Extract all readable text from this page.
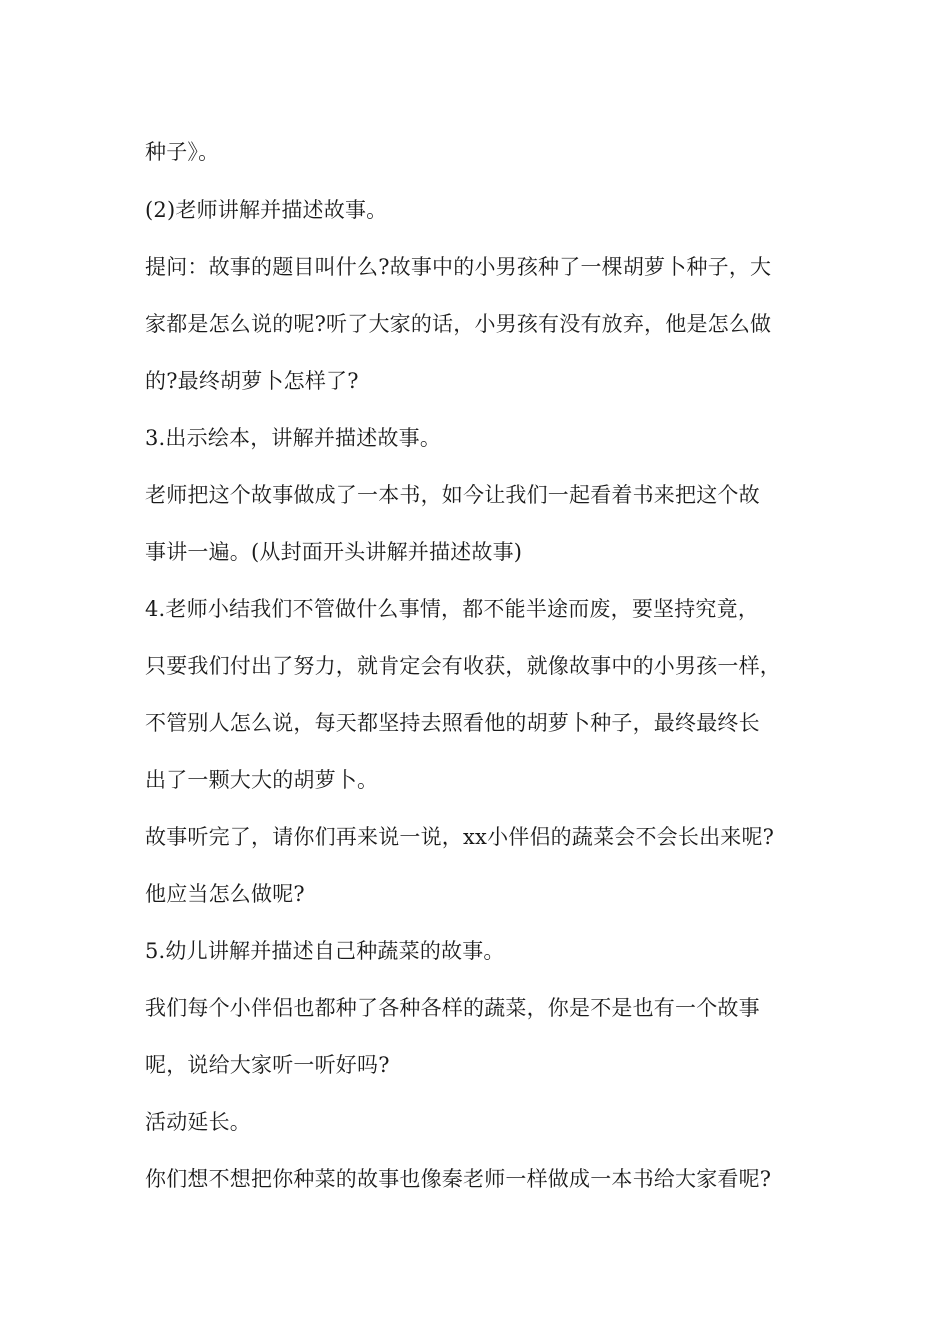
种子》。

(2)老师讲解并描述故事。

提问：故事的题目叫什么?故事中的小男孩种了一棵胡萝卜种子，大

家都是怎么说的呢?听了大家的话，小男孩有没有放弃，他是怎么做

的?最终胡萝卜怎样了?

3.出示绘本，讲解并描述故事。

老师把这个故事做成了一本书，如今让我们一起看着书来把这个故

事讲一遍。(从封面开头讲解并描述故事)

4.老师小结我们不管做什么事情，都不能半途而废，要坚持究竟，

只要我们付出了努力，就肯定会有收获，就像故事中的小男孩一样，

不管别人怎么说，每天都坚持去照看他的胡萝卜种子，最终最终长

出了一颗大大的胡萝卜。

故事听完了，请你们再来说一说，xx小伴侣的蔬菜会不会长出来呢?

他应当怎么做呢?

5.幼儿讲解并描述自己种蔬菜的故事。

我们每个小伴侣也都种了各种各样的蔬菜，你是不是也有一个故事

呢，说给大家听一听好吗?

活动延长。

你们想不想把你种菜的故事也像秦老师一样做成一本书给大家看呢?
